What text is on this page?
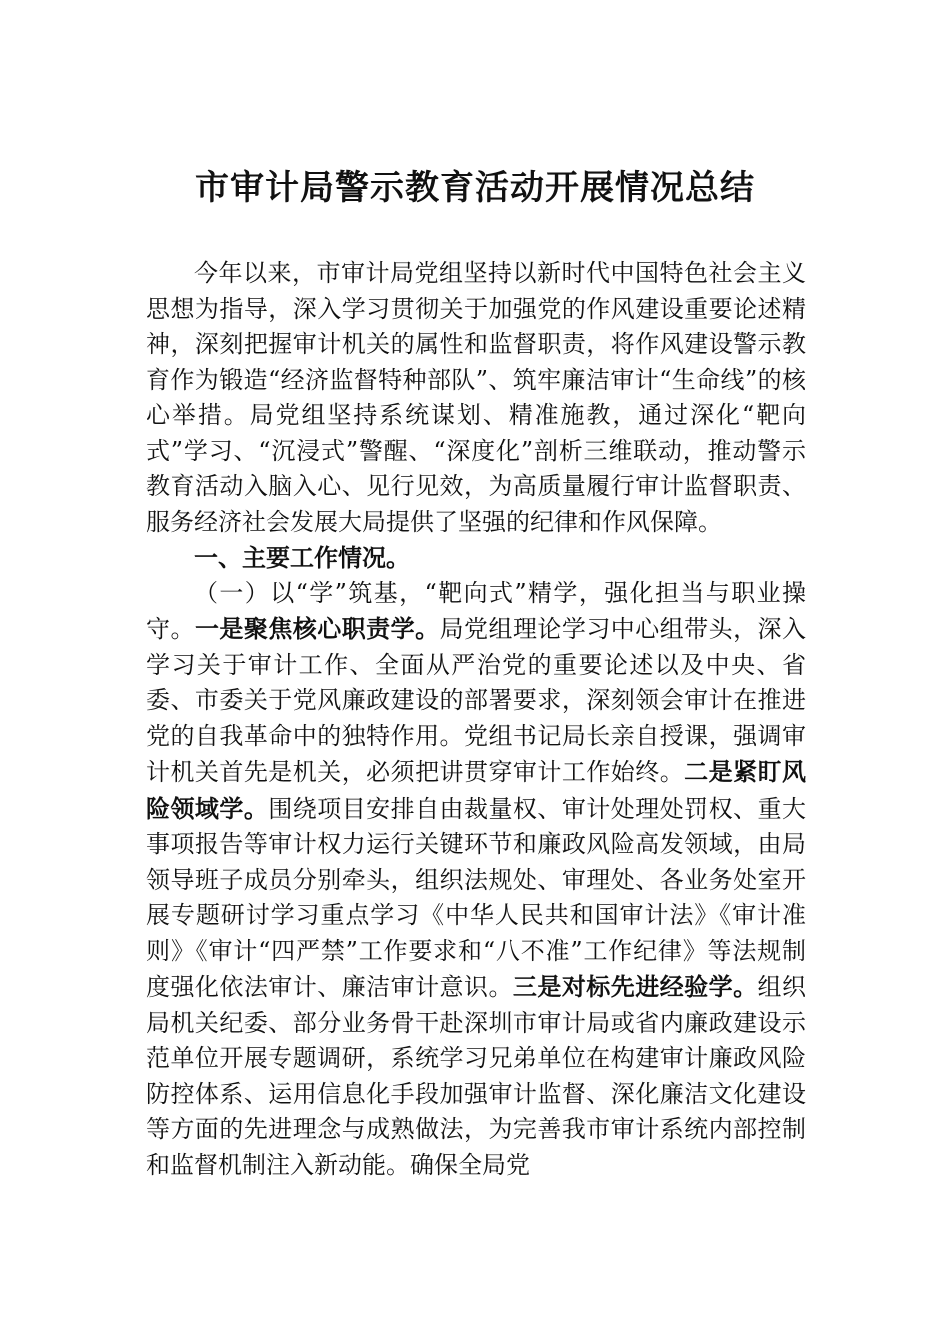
市审计局警示教育活动开展情况总结

今年以来，市审计局党组坚持以新时代中国特色社会主义思想为指导，深入学习贯彻关于加强党的作风建设重要论述精神，深刻把握审计机关的属性和监督职责，将作风建设警示教育作为锻造“经济监督特种部队”、筑牢廉洁审计“生命线”的核心举措。局党组坚持系统谋划、精准施教，通过深化“靶向式”学习、“沉浸式”警醒、“深度化”剖析三维联动，推动警示教育活动入脑入心、见行见效，为高质量履行审计监督职责、服务经济社会发展大局提供了坚强的纪律和作风保障。

一、主要工作情况。

（一）以“学”筑基，“靶向式”精学，强化担当与职业操守。一是聚焦核心职责学。局党组理论学习中心组带头，深入学习关于审计工作、全面从严治党的重要论述以及中央、省委、市委关于党风廉政建设的部署要求，深刻领会审计在推进党的自我革命中的独特作用。党组书记局长亲自授课，强调审计机关首先是机关，必须把讲贯穿审计工作始终。二是紧盯风险领域学。围绕项目安排自由裁量权、审计处理处罚权、重大事项报告等审计权力运行关键环节和廉政风险高发领域，由局领导班子成员分别牵头，组织法规处、审理处、各业务处室开展专题研讨学习重点学习《中华人民共和国审计法》《审计准则》《审计“四严禁”工作要求和“八不准”工作纪律》等法规制度强化依法审计、廉洁审计意识。三是对标先进经验学。组织局机关纪委、部分业务骨干赴深圳市审计局或省内廉政建设示范单位开展专题调研，系统学习兄弟单位在构建审计廉政风险防控体系、运用信息化手段加强审计监督、深化廉洁文化建设等方面的先进理念与成熟做法，为完善我市审计系统内部控制和监督机制注入新动能。确保全局党
